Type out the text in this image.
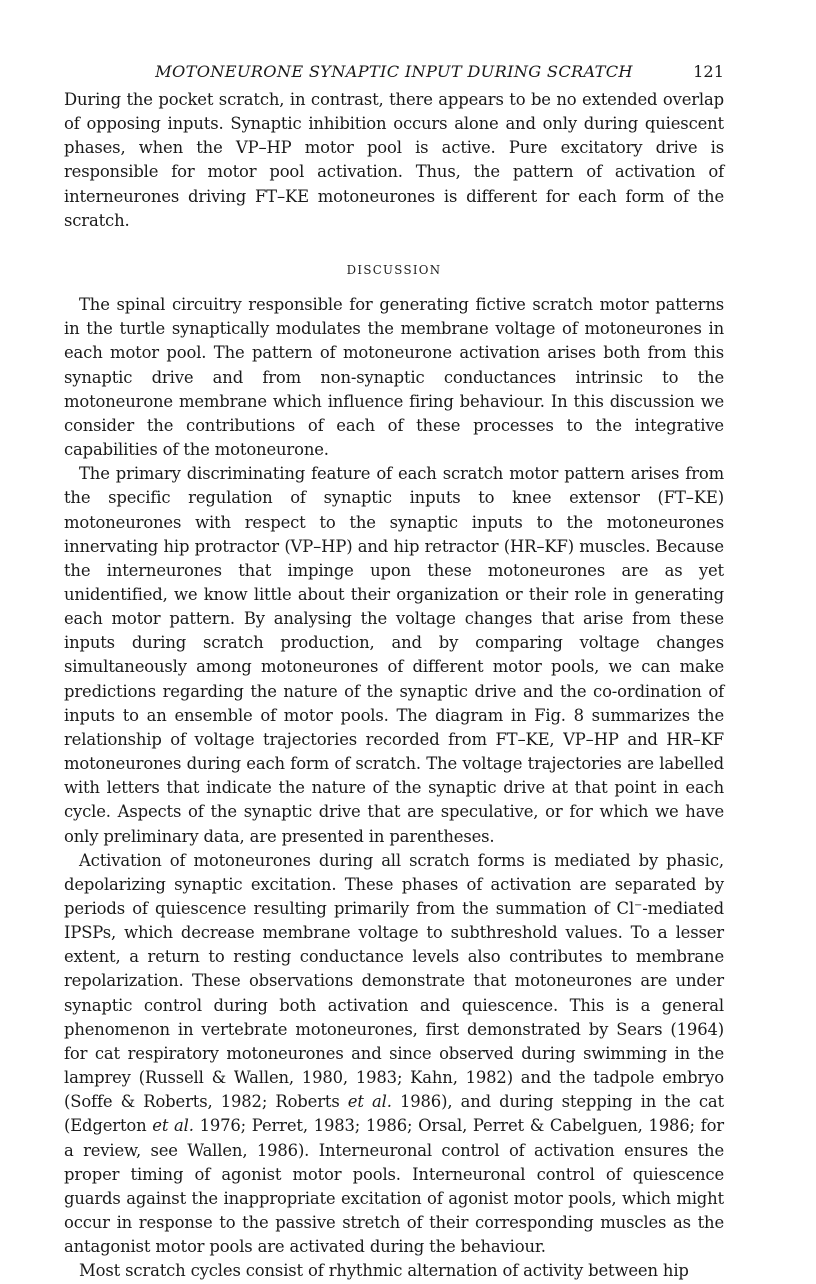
MOTONEURONE SYNAPTIC INPUT DURING SCRATCH	121

During the pocket scratch, in contrast, there appears to be no extended overlap of opposing inputs. Synaptic inhibition occurs alone and only during quiescent phases, when the VP–HP motor pool is active. Pure excitatory drive is responsible for motor pool activation. Thus, the pattern of activation of interneurones driving FT–KE motoneurones is different for each form of the scratch.

DISCUSSION

The spinal circuitry responsible for generating fictive scratch motor patterns in the turtle synaptically modulates the membrane voltage of motoneurones in each motor pool. The pattern of motoneurone activation arises both from this synaptic drive and from non-synaptic conductances intrinsic to the motoneurone membrane which influence firing behaviour. In this discussion we consider the contributions of each of these processes to the integrative capabilities of the motoneurone.

The primary discriminating feature of each scratch motor pattern arises from the specific regulation of synaptic inputs to knee extensor (FT–KE) motoneurones with respect to the synaptic inputs to the motoneurones innervating hip protractor (VP–HP) and hip retractor (HR–KF) muscles. Because the interneurones that impinge upon these motoneurones are as yet unidentified, we know little about their organization or their role in generating each motor pattern. By analysing the voltage changes that arise from these inputs during scratch production, and by comparing voltage changes simultaneously among motoneurones of different motor pools, we can make predictions regarding the nature of the synaptic drive and the co-ordination of inputs to an ensemble of motor pools. The diagram in Fig. 8 summarizes the relationship of voltage trajectories recorded from FT–KE, VP–HP and HR–KF motoneurones during each form of scratch. The voltage trajectories are labelled with letters that indicate the nature of the synaptic drive at that point in each cycle. Aspects of the synaptic drive that are speculative, or for which we have only preliminary data, are presented in parentheses.

Activation of motoneurones during all scratch forms is mediated by phasic, depolarizing synaptic excitation. These phases of activation are separated by periods of quiescence resulting primarily from the summation of Cl−-mediated IPSPs, which decrease membrane voltage to subthreshold values. To a lesser extent, a return to resting conductance levels also contributes to membrane repolarization. These observations demonstrate that motoneurones are under synaptic control during both activation and quiescence. This is a general phenomenon in vertebrate motoneurones, first demonstrated by Sears (1964) for cat respiratory motoneurones and since observed during swimming in the lamprey (Russell & Wallen, 1980, 1983; Kahn, 1982) and the tadpole embryo (Soffe & Roberts, 1982; Roberts et al. 1986), and during stepping in the cat (Edgerton et al. 1976; Perret, 1983; 1986; Orsal, Perret & Cabelguen, 1986; for a review, see Wallen, 1986). Interneuronal control of activation ensures the proper timing of agonist motor pools. Interneuronal control of quiescence guards against the inappropriate excitation of agonist motor pools, which might occur in response to the passive stretch of their corresponding muscles as the antagonist motor pools are activated during the behaviour.

Most scratch cycles consist of rhythmic alternation of activity between hip
